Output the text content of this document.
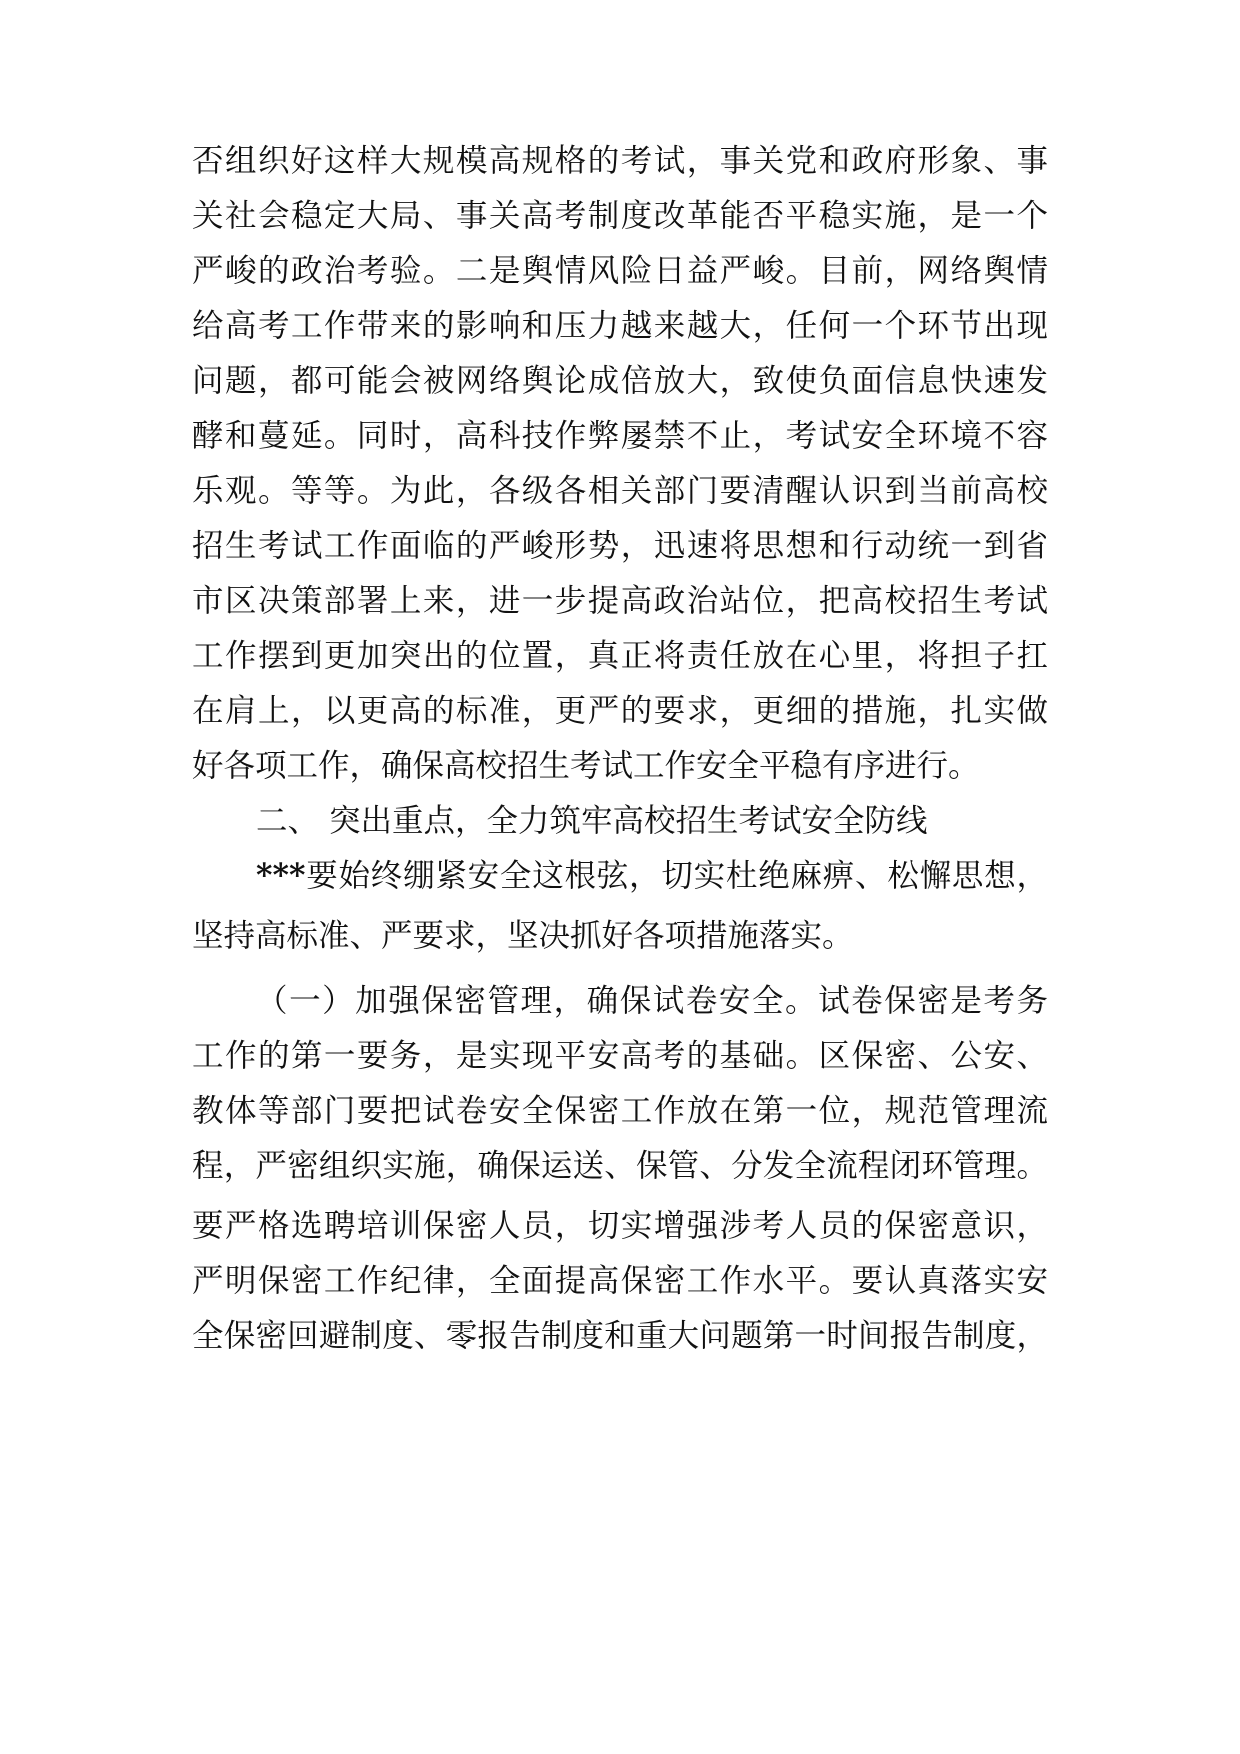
否组织好这样大规模高规格的考试，事关党和政府形象、事
关社会稳定大局、事关高考制度改革能否平稳实施，是一个
严峻的政治考验。二是舆情风险日益严峻。目前，网络舆情
给高考工作带来的影响和压力越来越大，任何一个环节出现
问题，都可能会被网络舆论成倍放大，致使负面信息快速发
酵和蔓延。同时，高科技作弊屡禁不止，考试安全环境不容
乐观。等等。为此，各级各相关部门要清醒认识到当前高校
招生考试工作面临的严峻形势，迅速将思想和行动统一到省
市区决策部署上来，进一步提高政治站位，把高校招生考试
工作摆到更加突出的位置，真正将责任放在心里，将担子扛
在肩上，以更高的标准，更严的要求，更细的措施，扎实做
好各项工作，确保高校招生考试工作安全平稳有序进行。
二、 突出重点，全力筑牢高校招生考试安全防线
***要始终绷紧安全这根弦，切实杜绝麻痹、松懈思想，
坚持高标准、严要求，坚决抓好各项措施落实。
（一）加强保密管理，确保试卷安全。试卷保密是考务
工作的第一要务，是实现平安高考的基础。区保密、公安、
教体等部门要把试卷安全保密工作放在第一位，规范管理流
程，严密组织实施，确保运送、保管、分发全流程闭环管理。
要严格选聘培训保密人员，切实增强涉考人员的保密意识，
严明保密工作纪律，全面提高保密工作水平。要认真落实安
全保密回避制度、零报告制度和重大问题第一时间报告制度，
